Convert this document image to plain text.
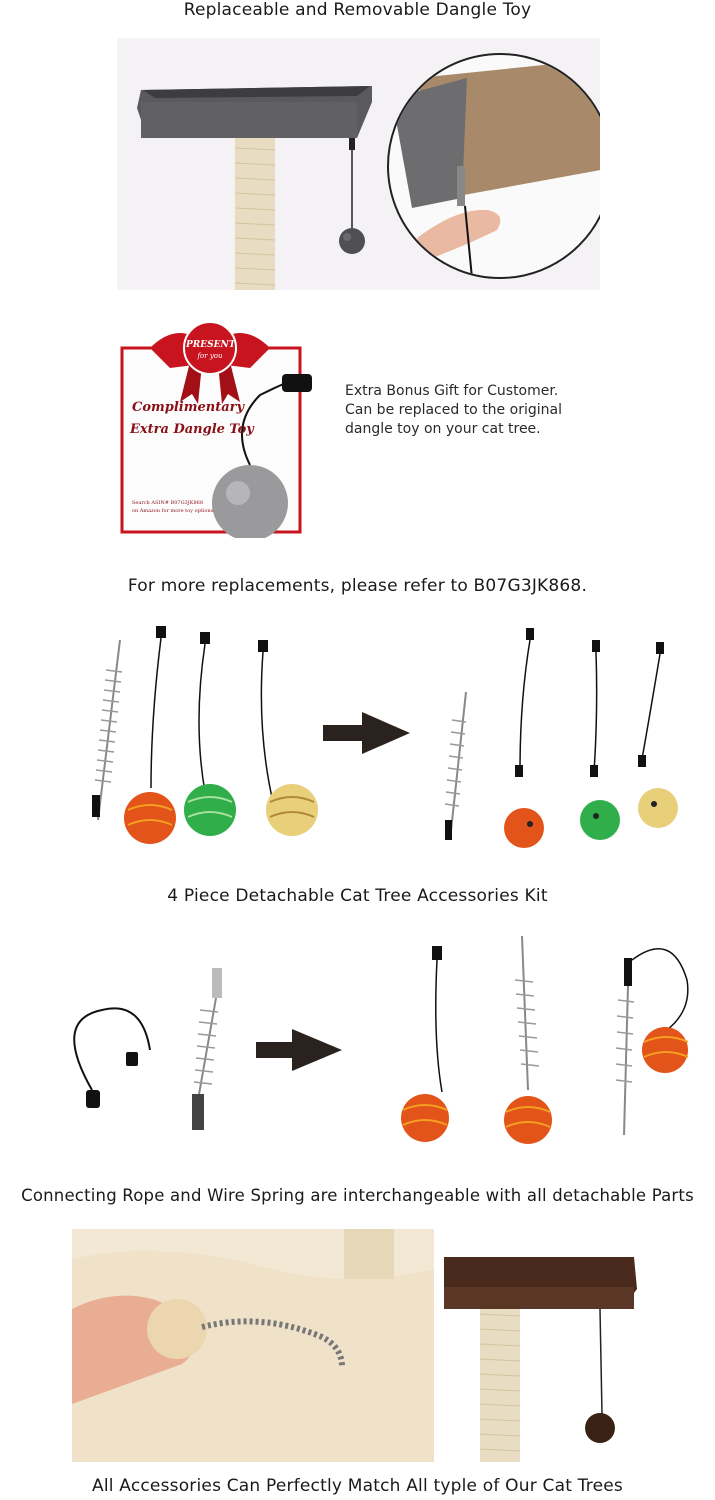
Replaceable and Removable Dangle Toy
PRESENT
for you
Complimentary
Extra Dangle Toy
Search ASIN# B07G3JK868
on Amazon for more toy options.
Extra Bonus Gift for Customer.
Can be replaced to the original
dangle toy on your cat tree.
For more replacements, please refer to B07G3JK868.
4 Piece Detachable Cat Tree Accessories Kit
Connecting Rope and Wire Spring are interchangeable with all detachable Parts
All Accessories Can Perfectly Match All typle of Our Cat Trees
